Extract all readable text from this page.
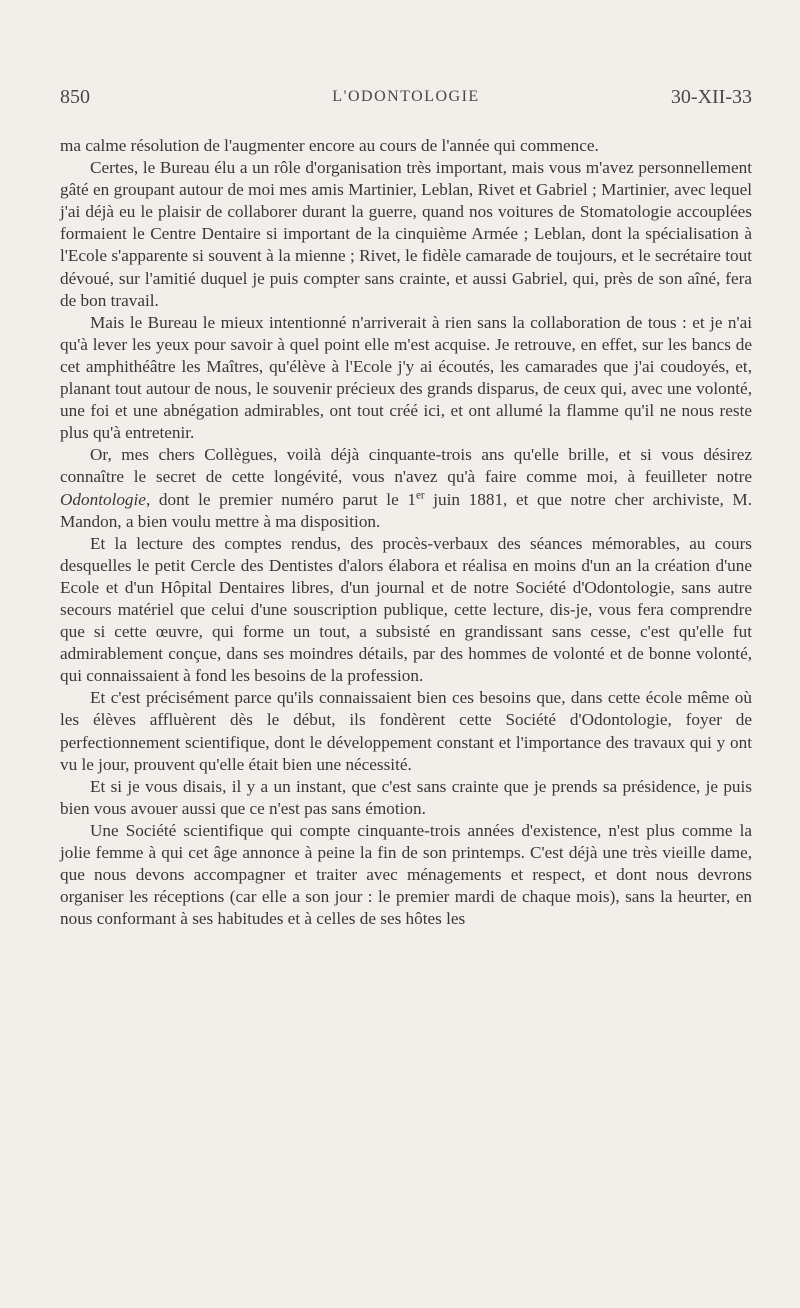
850	L'ODONTOLOGIE	30-XII-33

ma calme résolution de l'augmenter encore au cours de l'année qui commence.

Certes, le Bureau élu a un rôle d'organisation très important, mais vous m'avez personnellement gâté en groupant autour de moi mes amis Martinier, Leblan, Rivet et Gabriel ; Martinier, avec lequel j'ai déjà eu le plaisir de collaborer durant la guerre, quand nos voitures de Stomatologie accouplées formaient le Centre Dentaire si important de la cinquième Armée ; Leblan, dont la spécialisation à l'Ecole s'apparente si souvent à la mienne ; Rivet, le fidèle camarade de toujours, et le secrétaire tout dévoué, sur l'amitié duquel je puis compter sans crainte, et aussi Gabriel, qui, près de son aîné, fera de bon travail.

Mais le Bureau le mieux intentionné n'arriverait à rien sans la collaboration de tous : et je n'ai qu'à lever les yeux pour savoir à quel point elle m'est acquise. Je retrouve, en effet, sur les bancs de cet amphithéâtre les Maîtres, qu'élève à l'Ecole j'y ai écoutés, les camarades que j'ai coudoyés, et, planant tout autour de nous, le souvenir précieux des grands disparus, de ceux qui, avec une volonté, une foi et une abnégation admirables, ont tout créé ici, et ont allumé la flamme qu'il ne nous reste plus qu'à entretenir.

Or, mes chers Collègues, voilà déjà cinquante-trois ans qu'elle brille, et si vous désirez connaître le secret de cette longévité, vous n'avez qu'à faire comme moi, à feuilleter notre Odontologie, dont le premier numéro parut le 1er juin 1881, et que notre cher archiviste, M. Mandon, a bien voulu mettre à ma disposition.

Et la lecture des comptes rendus, des procès-verbaux des séances mémorables, au cours desquelles le petit Cercle des Dentistes d'alors élabora et réalisa en moins d'un an la création d'une Ecole et d'un Hôpital Dentaires libres, d'un journal et de notre Société d'Odontologie, sans autre secours matériel que celui d'une souscription publique, cette lecture, dis-je, vous fera comprendre que si cette œuvre, qui forme un tout, a subsisté en grandissant sans cesse, c'est qu'elle fut admirablement conçue, dans ses moindres détails, par des hommes de volonté et de bonne volonté, qui connaissaient à fond les besoins de la profession.

Et c'est précisément parce qu'ils connaissaient bien ces besoins que, dans cette école même où les élèves affluèrent dès le début, ils fondèrent cette Société d'Odontologie, foyer de perfectionnement scientifique, dont le développement constant et l'importance des travaux qui y ont vu le jour, prouvent qu'elle était bien une nécessité.

Et si je vous disais, il y a un instant, que c'est sans crainte que je prends sa présidence, je puis bien vous avouer aussi que ce n'est pas sans émotion.

Une Société scientifique qui compte cinquante-trois années d'existence, n'est plus comme la jolie femme à qui cet âge annonce à peine la fin de son printemps. C'est déjà une très vieille dame, que nous devons accompagner et traiter avec ménagements et respect, et dont nous devrons organiser les réceptions (car elle a son jour : le premier mardi de chaque mois), sans la heurter, en nous conformant à ses habitudes et à celles de ses hôtes les
